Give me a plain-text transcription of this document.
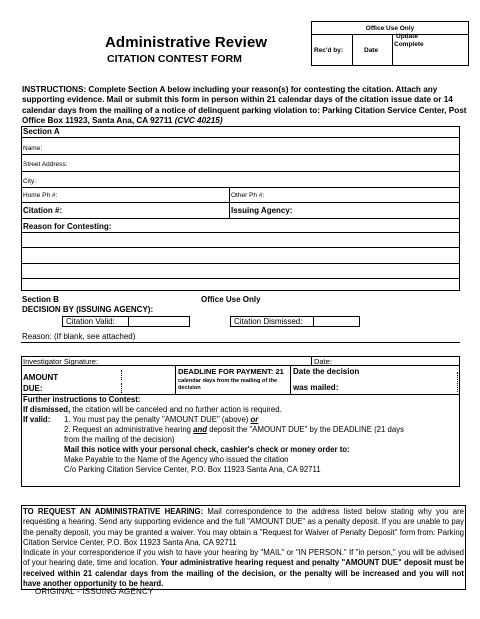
Administrative Review
CITATION CONTEST FORM
Office Use Only
Rec'd by:	Date
Update
Complete
INSTRUCTIONS: Complete Section A below including your reason(s) for contesting the citation. Attach any supporting evidence. Mail or submit this form in person within 21 calendar days of the citation issue date or 14 calendar days from the mailing of a notice of delinquent parking violation to: Parking Citation Service Center, Post Office Box 11923, Santa Ana, CA 92711 (CVC 40215)
Section A
Name:
Street Address:
City:
Home Ph #:	Other Ph #:
Citation #:	Issuing Agency:
Reason for Contesting:
Section B
DECISION BY (ISSUING AGENCY):
Office Use Only
Citation Valid:	Citation Dismissed:
Reason: (If blank, see attached)
Investigator Signature:	Date:
AMOUNT
DUE:
DEADLINE FOR PAYMENT: 21
calendar days from the mailing of the
decision
Date the decision
was mailed:
Further instructions to Contest:
If dismissed, the citation will be canceled and no further action is required.
If valid: 1. You must pay the penalty "AMOUNT DUE" (above) or
2. Request an administrative hearing and deposit the "AMOUNT DUE" by the DEADLINE (21 days
from the mailing of the decision)
Mail this notice with your personal check, cashier's check or money order to:
Make Payable to the Name of the Agency who issued the citation
C/o Parking Citation Service Center, P.O. Box 11923 Santa Ana, CA 92711

TO REQUEST AN ADMINISTRATIVE HEARING: Mail correspondence to the address listed below stating why you are requesting a hearing. Send any supporting evidence and the full "AMOUNT DUE" as a penalty deposit. If you are unable to pay the penalty deposit, you may be granted a waiver. You may obtain a "Request for Waiver of Penalty Deposit" form from: Parking Citation Service Center, P.O. Box 11923 Santa Ana, CA 92711

Indicate in your correspondence if you wish to have your hearing by "MAIL" or "IN PERSON." If "in person," you will be advised of your hearing date, time and location. Your administrative hearing request and penalty "AMOUNT DUE" deposit must be received within 21 calendar days from the mailing of the decision, or the penalty will be increased and you will not have another opportunity to be heard.

ORIGINAL - ISSUING AGENCY
